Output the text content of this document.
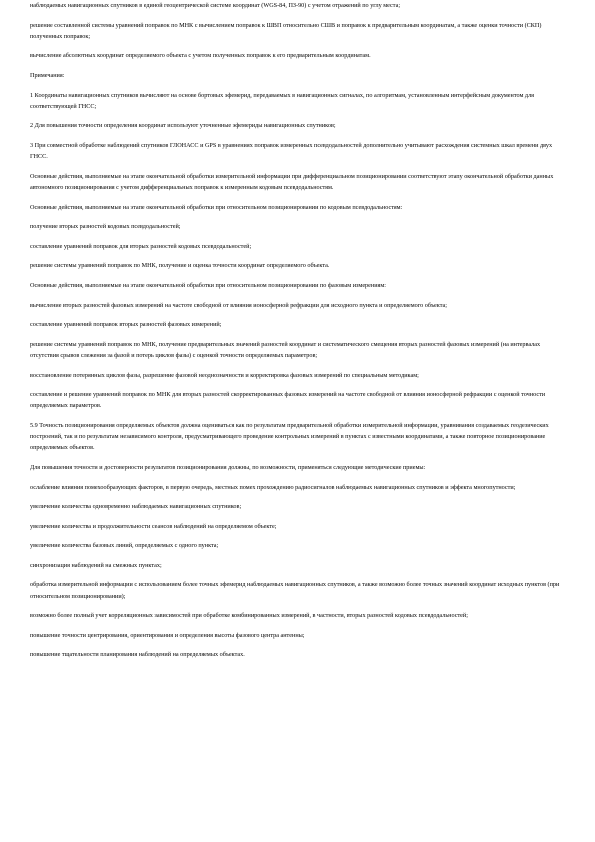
наблюдаемых навигационных спутников в единой геоцентрической системе координат (WGS-84, ПЗ-90) с учетом отражений по углу места;

решение составленной системы уравнений поправок по МНК с вычислением поправок к ШВП относительно СШВ и поправок к предварительным координатам, а также оценки точности (СКП) полученных поправок;

вычисление абсолютных координат определяемого объекта с учетом полученных поправок к его предварительным координатам.

Примечания:

1 Координаты навигационных спутников вычисляют на основе бортовых эфемерид, передаваемых в навигационных сигналах, по алгоритмам, установленным интерфейсным документом для соответствующей ГНСС;

2 Для повышения точности определения координат используют уточненные эфемериды навигационных спутников;

3 При совместной обработке наблюдений спутников ГЛОНАСС и GPS в уравнениях поправок измеренных псевдодальностей дополнительно учитывают расхождения системных шкал времени двух ГНСС.

Основные действия, выполняемые на этапе окончательной обработки измерительной информации при дифференциальном позиционировании соответствуют этапу окончательной обработки данных автономного позиционирования с учетом дифференциальных поправок к измеренным кодовым псевдодальностям.

Основные действия, выполняемые на этапе окончательной обработки при относительном позиционировании по кодовым псевдодальностям:

получение вторых разностей кодовых псевдодальностей;

составление уравнений поправок для вторых разностей кодовых псевдодальностей;

решение системы уравнений поправок по МНК, получение и оценка точности координат определяемого объекта.

Основные действия, выполняемые на этапе окончательной обработки при относительном позиционировании по фазовым измерениям:

вычисление вторых разностей фазовых измерений на частоте свободной от влияния ионосферной рефракции для исходного пункта и определяемого объекта;

составление уравнений поправок вторых разностей фазовых измерений;

решение системы уравнений поправок по МНК, получение предварительных значений разностей координат и систематического смещения вторых разностей фазовых измерений (на интервалах отсутствия срывов слежения за фазой и потерь циклов фазы) с оценкой точности определяемых параметров;

восстановление потерянных циклов фазы, разрешение фазовой неоднозначности и корректировка фазовых измерений по специальным методикам;

составление и решение уравнений поправок по МНК для вторых разностей скорректированных фазовых измерений на частоте свободной от влияния ионосферной рефракции с оценкой точности определяемых параметров.

5.9 Точность позиционирования определяемых объектов должна оцениваться как по результатам предварительной обработки измерительной информации, уравнивания создаваемых геодезических построений, так и по результатам независимого контроля, предусматривающего проведение контрольных измерений в пунктах с известными координатами, а также повторное позиционирование определяемых объектов.

Для повышения точности и достоверности результатов позиционирования должны, по возможности, применяться следующие методические приемы:

ослабление влияния помехообразующих факторов, в первую очередь, местных помех прохождению радиосигналов наблюдаемых навигационных спутников и эффекта многопутности;

увеличение количества одновременно наблюдаемых навигационных спутников;

увеличение количества и продолжительности сеансов наблюдений на определяемом объекте;

увеличение количества базовых линий, определяемых с одного пункта;

синхронизация наблюдений на смежных пунктах;

обработка измерительной информации с использованием более точных эфемерид наблюдаемых навигационных спутников, а также возможно более точных значений координат исходных пунктов (при относительном позиционировании);

возможно более полный учет корреляционных зависимостей при обработке комбинированных измерений, в частности, вторых разностей кодовых псевдодальностей;

повышение точности центрирования, ориентирования и определения высоты фазового центра антенны;

повышение тщательности планирования наблюдений на определяемых объектах.
